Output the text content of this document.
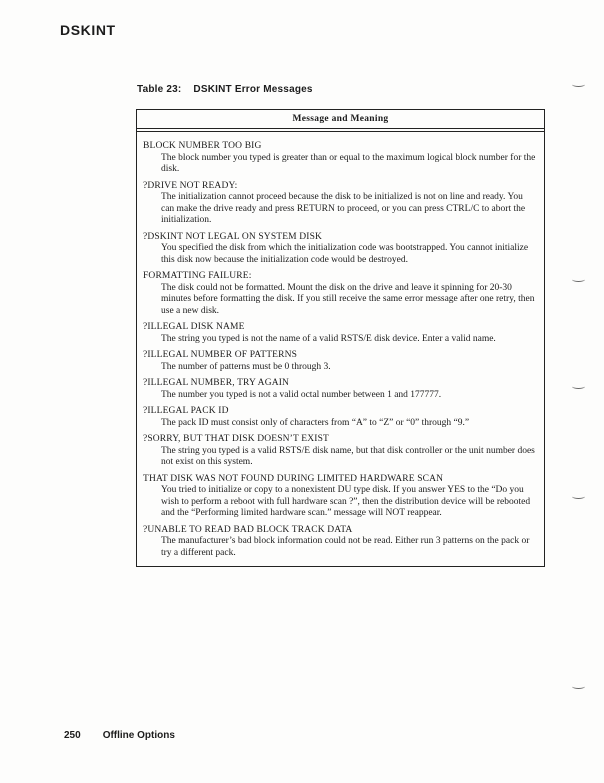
DSKINT
Table 23: DSKINT Error Messages
Message and Meaning
BLOCK NUMBER TOO BIG
The block number you typed is greater than or equal to the maximum logical block number for the disk.
?DRIVE NOT READY:
The initialization cannot proceed because the disk to be initialized is not on line and ready. You can make the drive ready and press RETURN to proceed, or you can press CTRL/C to abort the initialization.
?DSKINT NOT LEGAL ON SYSTEM DISK
You specified the disk from which the initialization code was bootstrapped. You cannot initialize this disk now because the initialization code would be destroyed.
FORMATTING FAILURE:
The disk could not be formatted. Mount the disk on the drive and leave it spinning for 20-30 minutes before formatting the disk. If you still receive the same error message after one retry, then use a new disk.
?ILLEGAL DISK NAME
The string you typed is not the name of a valid RSTS/E disk device. Enter a valid name.
?ILLEGAL NUMBER OF PATTERNS
The number of patterns must be 0 through 3.
?ILLEGAL NUMBER, TRY AGAIN
The number you typed is not a valid octal number between 1 and 177777.
?ILLEGAL PACK ID
The pack ID must consist only of characters from “A” to “Z” or “0” through “9.”
?SORRY, BUT THAT DISK DOESN’T EXIST
The string you typed is a valid RSTS/E disk name, but that disk controller or the unit number does not exist on this system.
THAT DISK WAS NOT FOUND DURING LIMITED HARDWARE SCAN
You tried to initialize or copy to a nonexistent DU type disk. If you answer YES to the “Do you wish to perform a reboot with full hardware scan ?”, then the distribution device will be rebooted and the “Performing limited hardware scan.” message will NOT reappear.
?UNABLE TO READ BAD BLOCK TRACK DATA
The manufacturer’s bad block information could not be read. Either run 3 patterns on the pack or try a different pack.
250 Offline Options
